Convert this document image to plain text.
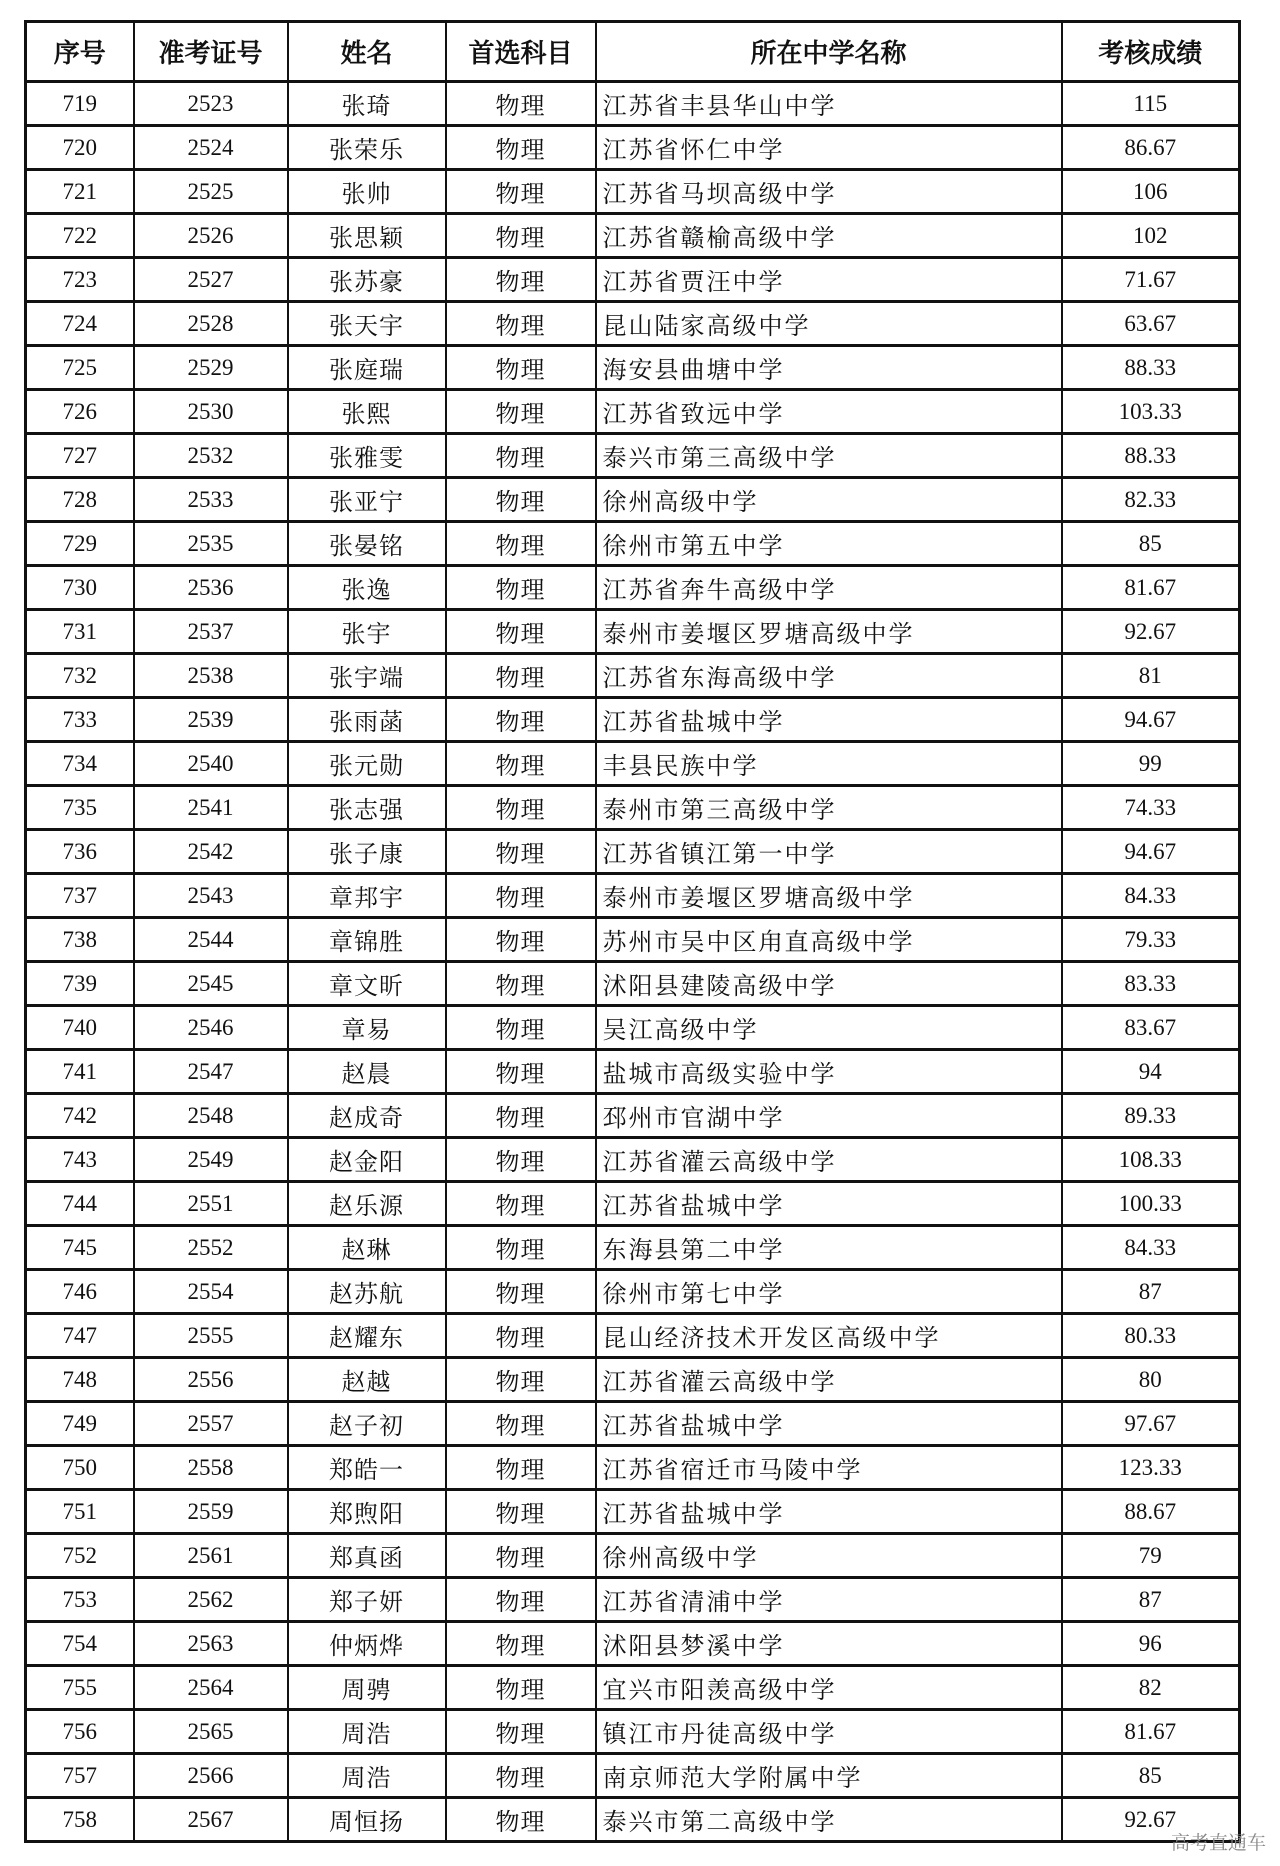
序号	准考证号	姓名	首选科目	所在中学名称	考核成绩
719	2523	张琦	物理	江苏省丰县华山中学	115
720	2524	张荣乐	物理	江苏省怀仁中学	86.67
721	2525	张帅	物理	江苏省马坝高级中学	106
722	2526	张思颖	物理	江苏省赣榆高级中学	102
723	2527	张苏豪	物理	江苏省贾汪中学	71.67
724	2528	张天宇	物理	昆山陆家高级中学	63.67
725	2529	张庭瑞	物理	海安县曲塘中学	88.33
726	2530	张熙	物理	江苏省致远中学	103.33
727	2532	张雅雯	物理	泰兴市第三高级中学	88.33
728	2533	张亚宁	物理	徐州高级中学	82.33
729	2535	张晏铭	物理	徐州市第五中学	85
730	2536	张逸	物理	江苏省奔牛高级中学	81.67
731	2537	张宇	物理	泰州市姜堰区罗塘高级中学	92.67
732	2538	张宇端	物理	江苏省东海高级中学	81
733	2539	张雨菡	物理	江苏省盐城中学	94.67
734	2540	张元勋	物理	丰县民族中学	99
735	2541	张志强	物理	泰州市第三高级中学	74.33
736	2542	张子康	物理	江苏省镇江第一中学	94.67
737	2543	章邦宇	物理	泰州市姜堰区罗塘高级中学	84.33
738	2544	章锦胜	物理	苏州市吴中区甪直高级中学	79.33
739	2545	章文昕	物理	沭阳县建陵高级中学	83.33
740	2546	章易	物理	吴江高级中学	83.67
741	2547	赵晨	物理	盐城市高级实验中学	94
742	2548	赵成奇	物理	邳州市官湖中学	89.33
743	2549	赵金阳	物理	江苏省灌云高级中学	108.33
744	2551	赵乐源	物理	江苏省盐城中学	100.33
745	2552	赵琳	物理	东海县第二中学	84.33
746	2554	赵苏航	物理	徐州市第七中学	87
747	2555	赵耀东	物理	昆山经济技术开发区高级中学	80.33
748	2556	赵越	物理	江苏省灌云高级中学	80
749	2557	赵子初	物理	江苏省盐城中学	97.67
750	2558	郑皓一	物理	江苏省宿迁市马陵中学	123.33
751	2559	郑煦阳	物理	江苏省盐城中学	88.67
752	2561	郑真函	物理	徐州高级中学	79
753	2562	郑子妍	物理	江苏省清浦中学	87
754	2563	仲炳烨	物理	沭阳县梦溪中学	96
755	2564	周骋	物理	宜兴市阳羡高级中学	82
756	2565	周浩	物理	镇江市丹徒高级中学	81.67
757	2566	周浩	物理	南京师范大学附属中学	85
758	2567	周恒扬	物理	泰兴市第二高级中学	92.67
高考直通车
